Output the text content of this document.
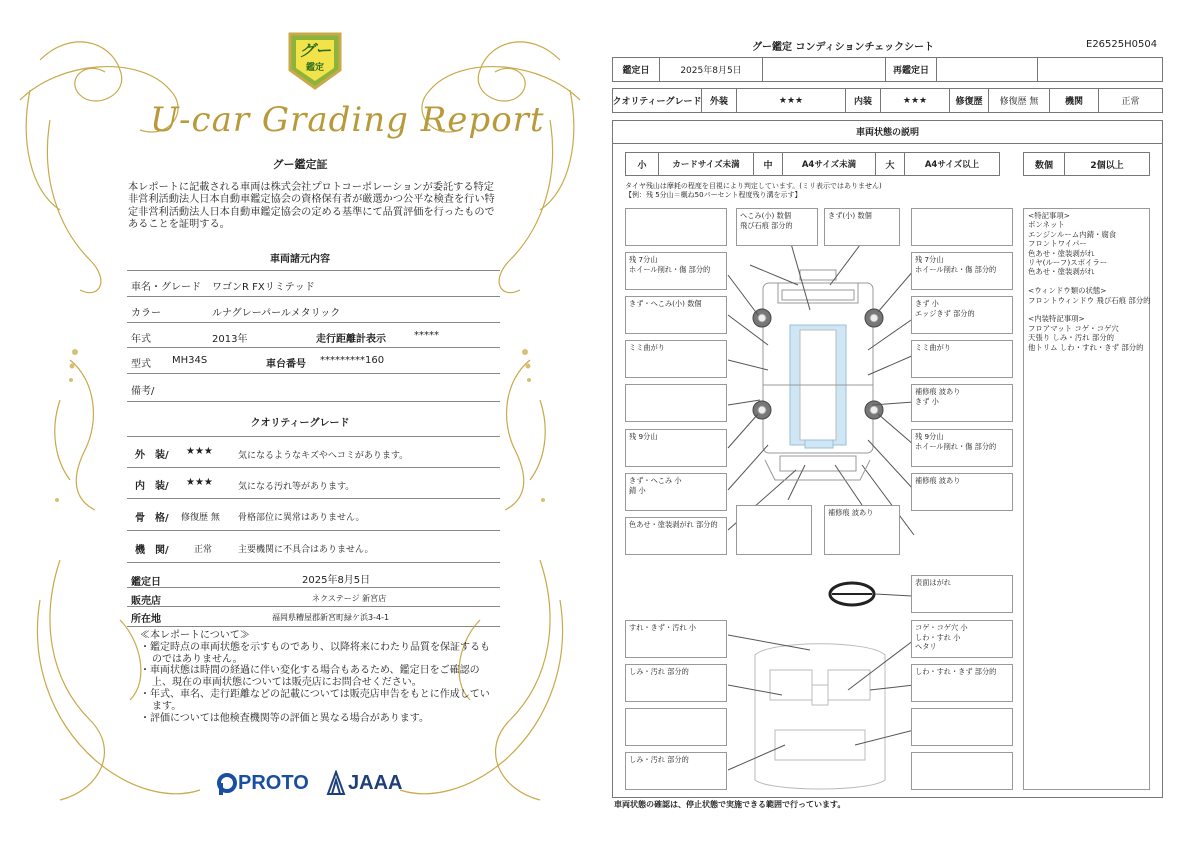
グー
鑑定
U-car Grading Report
グー鑑定証
本レポートに記載される車両は株式会社プロトコーポレーションが委託する特定非営利活動法人日本自動車鑑定協会の資格保有者が厳選かつ公平な検査を行い特定非営利活動法人日本自動車鑑定協会の定める基準にて品質評価を行ったものであることを証明する。
車両諸元内容
車名・グレード ワゴンR FXリミテッド
カラー	ルナグレーパールメタリック
年式	2013年	走行距離計表示	*****
型式 MH34S	車台番号 *********160
備考/
クオリティーグレード
外　装/ ★★★	気になるようなキズやヘコミがあります。
内　装/ ★★★	気になる汚れ等があります。
骨　格/ 修復歴 無 骨格部位に異常はありません。
機　関/	正常	主要機関に不具合はありません。
鑑定日	2025年8月5日
販売店	ネクステージ 新宮店
所在地	福岡県糟屋郡新宮町緑ケ浜3-4-1
≪本レポートについて≫
・鑑定時点の車両状態を示すものであり、以降将来にわたり品質を保証するものではありません。
・車両状態は時間の経過に伴い変化する場合もあるため、鑑定日をご確認の上、現在の車両状態については販売店にお問合せください。
・年式、車名、走行距離などの記載については販売店申告をもとに作成しています。
・評価については他検査機関等の評価と異なる場合があります。
PROTO JAAA
グー鑑定 コンディションチェックシート	E26525H0504
鑑定日	2025年8月5日	再鑑定日
クオリティーグレード 外装	★★★	内装	★★★	修復歴	修復歴 無	機関	正常
車両状態の説明
小	カードサイズ未満	中	A4サイズ未満	大	A4サイズ以上	数個	2個以上
タイヤ残山は摩耗の程度を目視により判定しています。(ミリ表示ではありません)
【例：残 5分山＝概ね50パーセント程度残り溝を示す】
へこみ(小) 数個
飛び石痕 部分的
きず(小) 数個
残 7分山
ホイール削れ・傷 部分的
残 7分山
ホイール削れ・傷 部分的
きず・へこみ(小) 数個	きず 小
エッジきず 部分的
ミミ曲がり	ミミ曲がり
補修痕 波あり
きず 小
残 9分山	残 9分山
ホイール削れ・傷 部分的
きず・へこみ 小
錆 小
補修痕 波あり
色あせ・塗装剥がれ 部分的
補修痕 波あり
表面はがれ
すれ・きず・汚れ 小	コゲ・コゲ穴 小
しわ・すれ 小
へタリ
しみ・汚れ 部分的	しわ・すれ・きず 部分的
しみ・汚れ 部分的
<特記事項>
ボンネット
エンジンルーム内錆・腐食
フロントワイパー
色あせ・塗装剥がれ
リヤ(ルーフ)スポイラー
色あせ・塗装剥がれ
<ウィンドウ類の状態>
フロントウィンドウ 飛び石痕 部分的
<内装特記事項>
フロアマット コゲ・コゲ穴
天張り しみ・汚れ 部分的
他トリム しわ・すれ・きず 部分的
車両状態の確認は、停止状態で実施できる範囲で行っています。
